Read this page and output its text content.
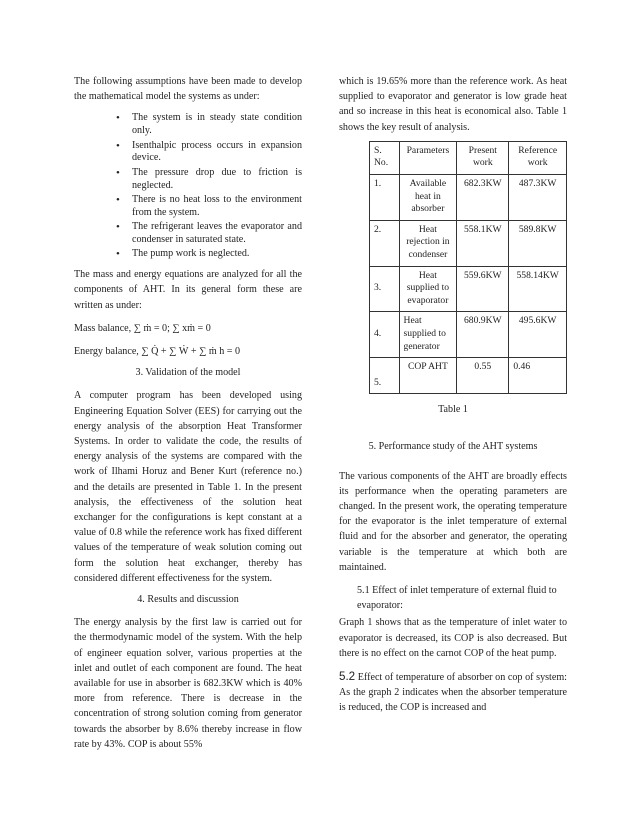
The following assumptions have been made to develop the mathematical model the systems as under:

• The system is in steady state condition only.
• Isenthalpic process occurs in expansion device.
• The pressure drop due to friction is neglected.
• There is no heat loss to the environment from the system.
• The refrigerant leaves the evaporator and condenser in saturated state.
• The pump work is neglected.

The mass and energy equations are analyzed for all the components of AHT. In its general form these are written as under:

Mass balance, ∑ ṁ = 0; ∑ xṁ = 0
Energy balance, ∑ Q̇ + ∑ Ẇ + ∑ ṁ h = 0
3. Validation of the model

A computer program has been developed using Engineering Equation Solver (EES) for carrying out the energy analysis of the absorption Heat Transformer Systems. In order to validate the code, the results of energy analysis of the systems are compared with the work of Ilhami Horuz and Bener Kurt (reference no.) and the details are presented in Table 1. In the present analysis, the effectiveness of the solution heat exchanger for the configurations is kept constant at a value of 0.8 while the reference work has fixed different values of the temperature of weak solution coming out form the solution heat exchanger, thereby has considered different effectiveness for the system.

4. Results and discussion

The energy analysis by the first law is carried out for the thermodynamic model of the system. With the help of engineer equation solver, various properties at the inlet and outlet of each component are found. The heat available for use in absorber is 682.3KW which is 40% more from reference. There is decrease in the concentration of strong solution coming from generator towards the absorber by 8.6% thereby increase in flow rate by 43%. COP is about 55%

which is 19.65% more than the reference work. As heat supplied to evaporator and generator is low grade heat and so increase in this heat is economical also. Table 1 shows the key result of analysis.

S. No.	Parameters	Present work	Reference work
1.	Available heat in absorber	682.3KW	487.3KW
2.	Heat rejection in condenser	558.1KW	589.8KW
3.	Heat supplied to evaporator	559.6KW	558.14KW
4.	Heat supplied to generator	680.9KW	495.6KW
5.	COP AHT	0.55	0.46
Table 1
5. Performance study of the AHT systems

The various components of the AHT are broadly effects its performance when the operating parameters are changed. In the present work, the operating temperature for the evaporator is the inlet temperature of external fluid and for the absorber and generator, the operating variable is the temperature at which both are maintained.

5.1 Effect of inlet temperature of external fluid to evaporator:

Graph 1 shows that as the temperature of inlet water to evaporator is decreased, its COP is also decreased. But there is no effect on the carnot COP of the heat pump.

5.2 Effect of temperature of absorber on cop of system: As the graph 2 indicates when the absorber temperature is reduced, the COP is increased and
